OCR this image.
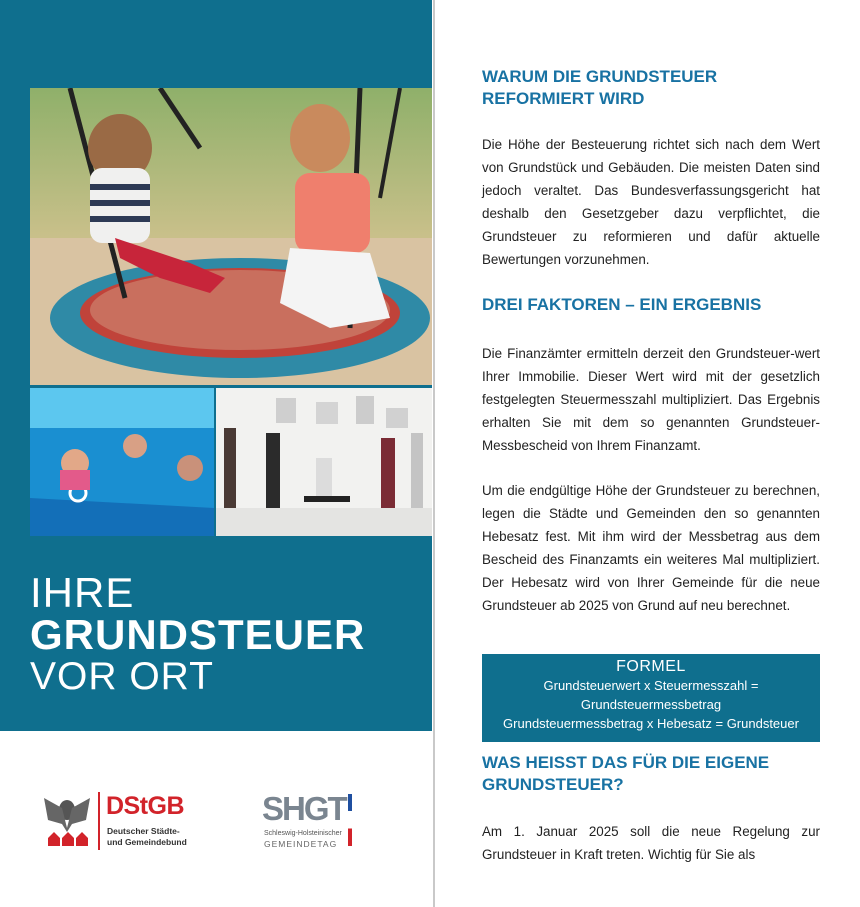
IHRE
GRUNDSTEUER
VOR ORT
DStGB
Deutscher Städte-
und Gemeindebund
SHGT
Schleswig-Holsteinischer
GEMEINDETAG
WARUM DIE GRUNDSTEUER REFORMIERT WIRD

Die Höhe der Besteuerung richtet sich nach dem Wert von Grundstück und Gebäuden. Die meisten Daten sind jedoch veraltet. Das Bundesverfassungsgericht hat deshalb den Gesetzgeber dazu verpflichtet, die Grundsteuer zu reformieren und dafür aktuelle Bewertungen vorzunehmen.

DREI FAKTOREN – EIN ERGEBNIS

Die Finanzämter ermitteln derzeit den Grundsteuer-wert Ihrer Immobilie. Dieser Wert wird mit der gesetzlich festgelegten Steuermesszahl multipliziert. Das Ergebnis erhalten Sie mit dem so genannten Grundsteuer-Messbescheid von Ihrem Finanzamt.

Um die endgültige Höhe der Grundsteuer zu berechnen, legen die Städte und Gemeinden den so genannten Hebesatz fest. Mit ihm wird der Messbetrag aus dem Bescheid des Finanzamts ein weiteres Mal multipliziert. Der Hebesatz wird von Ihrer Gemeinde für die neue Grundsteuer ab 2025 von Grund auf neu berechnet.

FORMEL
Grundsteuerwert x Steuermesszahl =
Grundsteuermessbetrag
Grundsteuermessbetrag x Hebesatz = Grundsteuer
WAS HEISST DAS FÜR DIE EIGENE GRUNDSTEUER?

Am 1. Januar 2025 soll die neue Regelung zur Grundsteuer in Kraft treten. Wichtig für Sie als
